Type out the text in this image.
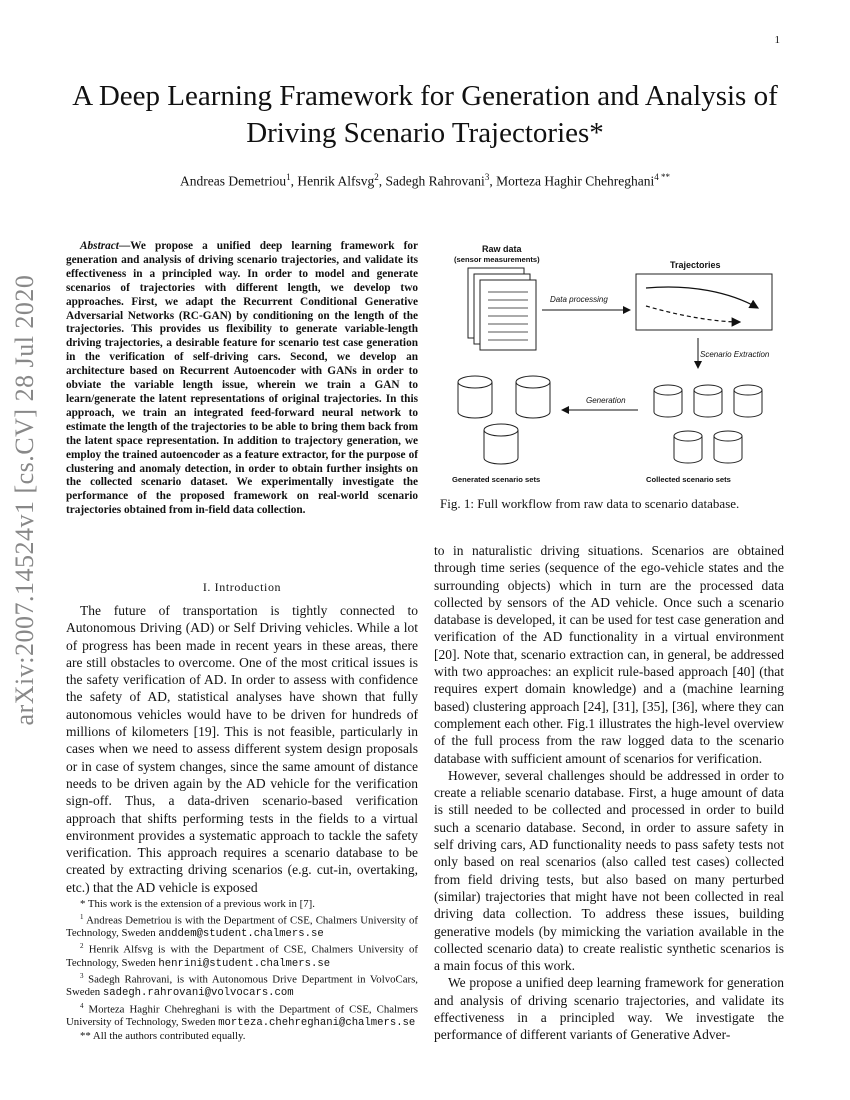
1
arXiv:2007.14524v1 [cs.CV] 28 Jul 2020
A Deep Learning Framework for Generation and Analysis of Driving Scenario Trajectories*
Andreas Demetriou$^1$, Henrik Alfsvg$^2$, Sadegh Rahrovani$^3$, Morteza Haghir Chehreghani$^{4 **}$

Abstract—We propose a unified deep learning framework for generation and analysis of driving scenario trajectories, and validate its effectiveness in a principled way. In order to model and generate scenarios of trajectories with different length, we develop two approaches. First, we adapt the Recurrent Conditional Generative Adversarial Networks (RC-GAN) by conditioning on the length of the trajectories. This provides us flexibility to generate variable-length driving trajectories, a desirable feature for scenario test case generation in the verification of self-driving cars. Second, we develop an architecture based on Recurrent Autoencoder with GANs in order to obviate the variable length issue, wherein we train a GAN to learn/generate the latent representations of original trajectories. In this approach, we train an integrated feed-forward neural network to estimate the length of the trajectories to be able to bring them back from the latent space representation. In addition to trajectory generation, we employ the trained autoencoder as a feature extractor, for the purpose of clustering and anomaly detection, in order to obtain further insights on the collected scenario dataset. We experimentally investigate the performance of the proposed framework on real-world scenario trajectories obtained from in-field data collection.

I. Introduction

The future of transportation is tightly connected to Autonomous Driving (AD) or Self Driving vehicles. While a lot of progress has been made in recent years in these areas, there are still obstacles to overcome. One of the most critical issues is the safety verification of AD. In order to assess with confidence the safety of AD, statistical analyses have shown that fully autonomous vehicles would have to be driven for hundreds of millions of kilometers [19]. This is not feasible, particularly in cases when we need to assess different system design proposals or in case of system changes, since the same amount of distance needs to be driven again by the AD vehicle for the verification sign-off. Thus, a data-driven scenario-based verification approach that shifts performing tests in the fields to a virtual environment provides a systematic approach to tackle the safety verification. This approach requires a scenario database to be created by extracting driving scenarios (e.g. cut-in, overtaking, etc.) that the AD vehicle is exposed

* This work is the extension of a previous work in [7].

$^1$ Andreas Demetriou is with the Department of CSE, Chalmers University of Technology, Sweden anddem@student.chalmers.se

$^2$ Henrik Alfsvg is with the Department of CSE, Chalmers University of Technology, Sweden henrini@student.chalmers.se

$^3$ Sadegh Rahrovani, is with Autonomous Drive Department in VolvoCars, Sweden sadegh.rahrovani@volvocars.com

$^4$ Morteza Haghir Chehreghani is with the Department of CSE, Chalmers University of Technology, Sweden morteza.chehreghani@chalmers.se

** All the authors contributed equally.

Raw data
(sensor measurements)
Data processing
Trajectories
Scenario Extraction
Generation
Generated scenario sets	Collected scenario sets
Fig. 1: Full workflow from raw data to scenario database.

to in naturalistic driving situations. Scenarios are obtained through time series (sequence of the ego-vehicle states and the surrounding objects) which in turn are the processed data collected by sensors of the AD vehicle. Once such a scenario database is developed, it can be used for test case generation and verification of the AD functionality in a virtual environment [20]. Note that, scenario extraction can, in general, be addressed with two approaches: an explicit rule-based approach [40] (that requires expert domain knowledge) and a (machine learning based) clustering approach [24], [31], [35], [36], where they can complement each other. Fig.1 illustrates the high-level overview of the full process from the raw logged data to the scenario database with sufficient amount of scenarios for verification.

However, several challenges should be addressed in order to create a reliable scenario database. First, a huge amount of data is still needed to be collected and processed in order to build such a scenario database. Second, in order to assure safety in self driving cars, AD functionality needs to pass safety tests not only based on real scenarios (also called test cases) collected from field driving tests, but also based on many perturbed (similar) trajectories that might have not been collected in real driving data collection. To address these issues, building generative models (by mimicking the variation available in the collected scenario data) to create realistic synthetic scenarios is a main focus of this work.

We propose a unified deep learning framework for generation and analysis of driving scenario trajectories, and validate its effectiveness in a principled way. We investigate the performance of different variants of Generative Adver-
